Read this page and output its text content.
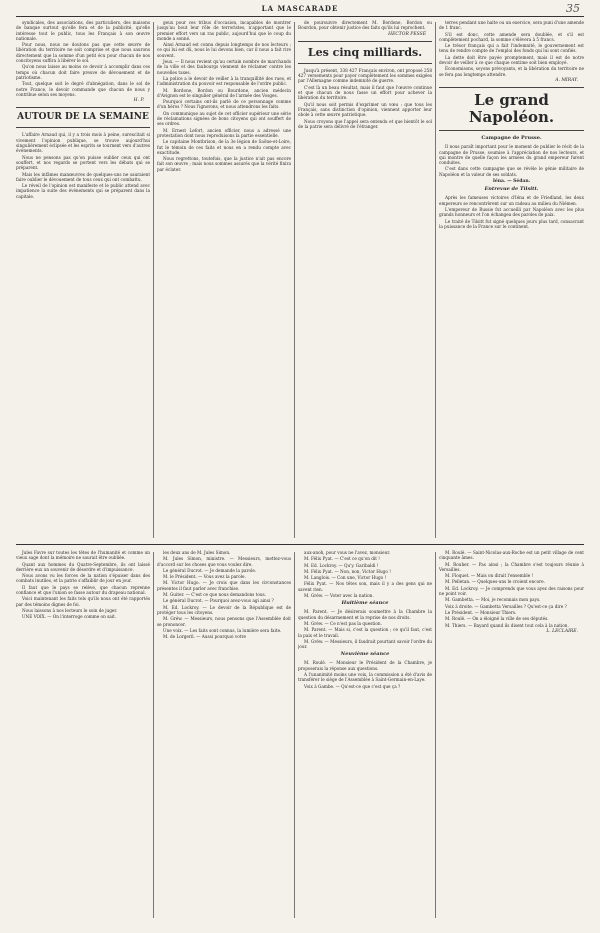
LA MASCARADE	35

syndicales, des associations, des particuliers, des maisons de banque surtout qu'elle fera et de la publicité, qu'elle intéresse tout le public, tous les Français à son œuvre nationale.

Pour nous, nous ne doutons pas que cette œuvre de libération du territoire ne soit comprise et que nous saurons directement que la somme d'un petit écu pour chacun de nos concitoyens suffira à libérer le sol.

Qu'on nous laisse au moins ce devoir à accomplir dans ces temps où chacun doit faire preuve de dévouement et de patriotisme.

Tout, quelque soit le degré d'abnégation, dans le sol de notre France, le devoir commande que chacun de nous y contribue selon ses moyens.

H. P.
AUTOUR DE LA SEMAINE

L'affaire Arnaud qui, il y a trois mois à peine, surexcitait si vivement l'opinion publique, se trouve aujourd'hui singulièrement éclipsée et les esprits se tournent vers d'autres événements.

Nous ne pensons pas qu'on puisse oublier ceux qui ont souffert, et nos regards se portent vers les débats qui se préparent.

Mais les infâmes manœuvres de quelques-uns ne sauraient faire oublier le dévouement de tous ceux qui ont combattu.

Le réveil de l'opinion est manifeste et le public attend avec impatience la suite des événements qui se préparent dans la capitale.

geux pour ces tribus d'occasion, incapables de montrer jusqu'au bout leur rôle de terroristes, n'apportant que le premier effort vers un ras public, aujourd'hui que le coup du monde a sonné.

Ainsi Arnaud est connu depuis longtemps de nos lecteurs ; ce qui lui est dû, nous le lui devons bien, car il nous a fait rire souvent.

Jeux. — Il nous revient qu'au certain nombre de marchands de la ville et des faubourgs viennent de réclamer contre les nouvelles taxes.

La police a le devoir de veiller à la tranquillité des rues, et l'administration du pouvoir est responsable de l'ordre public.

M. Bordone, Bordon ou Bourdone, ancien médecin d'Avignon est le singulier général de l'armée des Vosges.

Pourquoi certains ont-ils parlé de ce personnage comme d'un héros ? Nous l'ignorons, et nous attendrons les faits.

On communique au sujet de cet officier supérieur une série de réclamations signées de bons citoyens qui ont souffert de ses ordres.

M. Ernest Lefort, ancien officier, nous a adressé une protestation dont nous reproduisons la partie essentielle.

Le capitaine Montbrison, de la 3e légion de Saône-et-Loire, fut le témoin de ces faits et nous en a rendu compte avec exactitude.

Nous regrettons, toutefois, que la justice n'ait pas encore fait son œuvre ; mais nous sommes assurés que la vérité finira par éclater.

de poursuivre directement M. Bordone, Bordon ou Bourdon, pour obtenir justice des faits qu'ils lui reprochent.

HECTOR PESSÉ
Les cinq milliards.

Jusqu'à présent, 338 427 Français environ, ont proposé 258 427 versements pour payer complètement les sommes exigées par l'Allemagne comme indemnité de guerre.

C'est là un beau résultat, mais il faut que l'œuvre continue et que chacun de nous fasse un effort pour achever la libération du territoire.

Qu'il nous soit permis d'exprimer un vœu : que tous les Français, sans distinction d'opinion, viennent apporter leur obole à cette œuvre patriotique.

Nous croyons que l'appel sera entendu et que bientôt le sol de la patrie sera délivré de l'étranger.

terres pendant une halte ou un exercice, sera puni d'une amende de 1 franc.

S'il est donc, cette amende sera doublée, et s'il est complètement pochard, la somme s'élèvera à 5 francs.

Le trésor français qui a fait l'indemnité, le gouvernement est tenu de rendre compte de l'emploi des fonds qui lui sont confiés.

La dette doit être payée promptement, mais il est de notre devoir de veiller à ce que chaque centime soit bien employé.

Économisons, soyons prévoyants, et la libération du territoire ne se fera pas longtemps attendre.

A. MIRAY.
Le grand Napoléon.
Campagne de Prusse.

Il nous paraît important pour le moment de publier le récit de la campagne de Prusse, soumise à l'appréciation de nos lecteurs, et qui montre de quelle façon les armées du grand empereur furent conduites.

C'est dans cette campagne que se révèle le génie militaire de Napoléon et la valeur de ses soldats.

Iéna. — Sédan.
Entrevue de Tilsitt.

Après les fameuses victoires d'Iéna et de Friedland, les deux empereurs se rencontrèrent sur un radeau au milieu du Niémen.

L'empereur de Russie fut accueilli par Napoléon avec les plus grands honneurs et l'on échangea des paroles de paix.

Le traité de Tilsitt fut signé quelques jours plus tard, consacrant la puissance de la France sur le continent.

Jules Favre sur toutes les têtes de l'humanité et comme un vieux sage dont la mémoire ne saurait être oubliée.

Quant aux hommes du Quatre-Septembre, ils ont laissé derrière eux un souvenir de désordre et d'impuissance.

Nous avons vu les forces de la nation s'épuiser dans des combats inutiles, et la patrie s'affaiblir de jour en jour.

Il faut que le pays se relève, que chacun reprenne confiance et que l'union se fasse autour du drapeau national.

Voici maintenant les faits tels qu'ils nous ont été rapportés par des témoins dignes de foi.

Nous laissons à nos lecteurs le soin de juger.

UNE VOIX. — On l'interroge comme on sait.

les deux ans de M. Jules Simon.

M. Jules Simon, ministre. — Messieurs, mettez-vous d'accord sur les choses que vous voulez dire.

Le général Ducrot. — Je demande la parole.

M. le Président. — Vous avez la parole.

M. Victor Hugo. — Je crois que dans les circonstances présentes il faut parler avec franchise.

M. Guiter. — C'est ce que nous demandons tous.

Le général Ducrot. — Pourquoi avez-vous agi ainsi ?

M. Ed. Lockroy. — Le devoir de la République est de protéger tous les citoyens.

M. Gréw. — Messieurs, nous pensons que l'Assemblée doit se prononcer.

Une voix. — Les faits sont connus, la lumière sera faite.

M. de Lorgeril. — Aussi pourquoi votre

aux-anoh, pour vous ne l'avez, monsieur.

M. Félix Pyat. — C'est ce qu'on dit !

M. Ed. Lockroy. — Qu'y. Garibaldi !

M. Félix Pyat. — Non, non, Victor Hugo !

M. Langlois. — Con une, Victor Hugo !

Félix Pyat. — Nos têtes son, mais il y a des gens qui ne savent rien.

M. Gréw. — Voter avec la nation.

Huitième séance

M. Parent. — Je désirerais soumettre à la Chambre la question du désarmement et la reprise de nos droits.

M. Gréw. — Ce n'est pas la question.

M. Parent. — Mais si, c'est la question ; ce qu'il faut, c'est la paix et le travail.

M. Gréw. — Messieurs, il faudrait pourtant savoir l'ordre du jour.

Neuvième séance

M. Roulé. — Monsieur le Président de la Chambre, je proposerais la réponse aux questions.

A l'unanimité moins une voix, la commission a été d'avis de transférer le siège de l'Assemblée à Saint-Germain-en-Laye.

Voix à Gambe. — Qu'est-ce que c'est que ça ?

M. Roulé. — Saint-Nicolas-aux-Roche est un petit village de cent cinquante âmes.

M. Rouher. — Pas ainsi ; la Chambre s'est toujours réunie à Versailles.

M. Floquet. — Mais on dirait l'ensemble !

M. Pelletan. — Quelques-uns le croient encore.

M. Ed. Lockroy. — Je comprends que vous ayez des raisons pour ne point voir.

M. Gambetta. — Moi, je reconnais mon pays.

Voix à droite. — Gambetta Versailles ? Qu'est-ce ça dire ?

Le Président. — Monsieur Thiers.

M. Roulé. — On a éloigné la ville de ses députés.

M. Thiers. — Bayard quand ils disent tout cela à la nation.

L. LECLAIRE.
